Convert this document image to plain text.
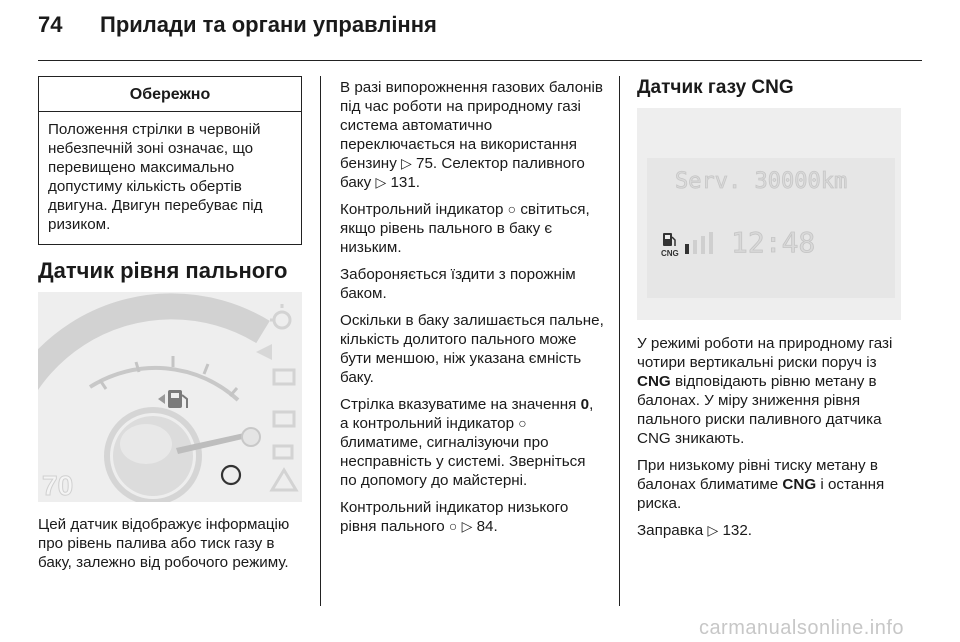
74 Прилади та органи управління
Обережно
Положення стрілки в червоній небезпечній зоні означає, що перевищено максимально допустиму кількість обертів двигуна. Двигун перебуває під ризиком.
Датчик рівня пального
70

Цей датчик відображує інформацію про рівень палива або тиск газу в баку, залежно від робочого режиму.

В разі випорожнення газових балонів під час роботи на природному газі система автоматично переключається на використання бензину ▷ 75. Селектор паливного баку ▷ 131.

Контрольний індикатор ○ світиться, якщо рівень пального в баку є низьким.

Забороняється їздити з порожнім баком.

Оскільки в баку залишається пальне, кількість долитого пального може бути меншою, ніж указана ємність баку.

Стрілка вказуватиме на значення 0, а контрольний індикатор ○ блиматиме, сигналізуючи про несправність у системі. Зверніться по допомогу до майстерні.

Контрольний індикатор низького рівня пального ○ ▷ 84.

Датчик газу CNG
Serv. 30000km
CNG 12:48

У режимі роботи на природному газі чотири вертикальні риски поруч із CNG відповідають рівню метану в балонах. У міру зниження рівня пального риски паливного датчика CNG зникають.

При низькому рівні тиску метану в балонах блиматиме CNG і остання риска.

Заправка ▷ 132.

carmanualsonline.info
